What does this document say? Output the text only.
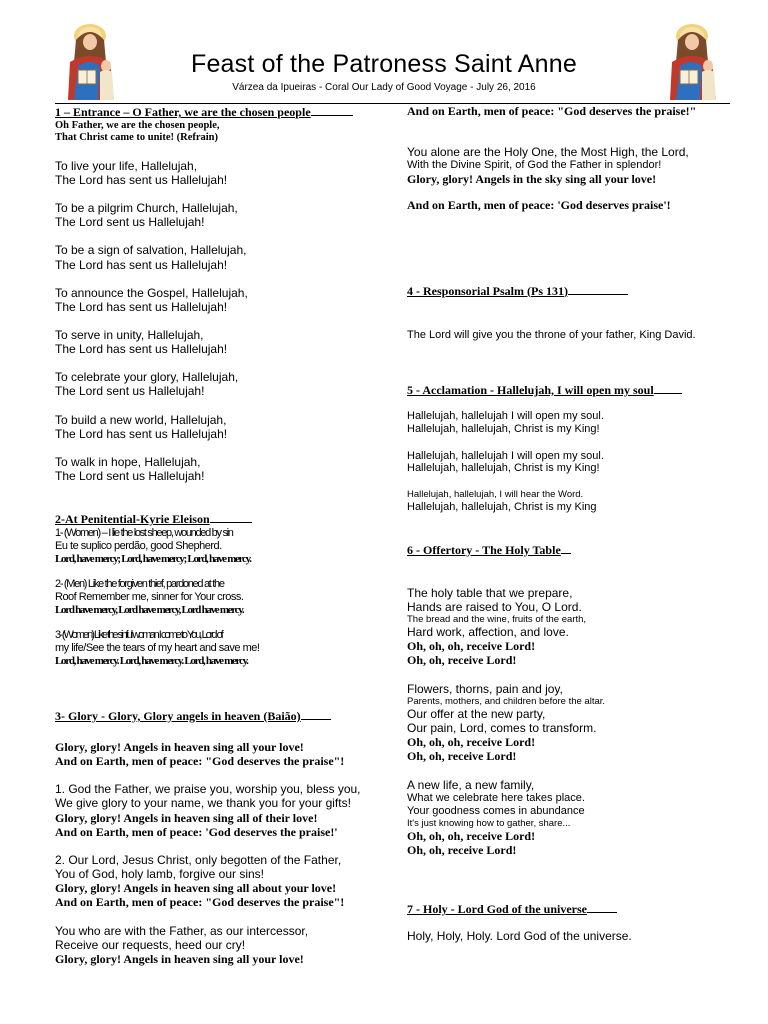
Feast of the Patroness Saint Anne
Várzea da Ipueiras - Coral Our Lady of Good Voyage - July 26, 2016
1 – Entrance – O Father, we are the chosen people
Oh Father, we are the chosen people,
That Christ came to unite! (Refrain)
To live your life, Hallelujah,
The Lord has sent us Hallelujah!
To be a pilgrim Church, Hallelujah,
The Lord sent us Hallelujah!
To be a sign of salvation, Hallelujah,
The Lord has sent us Hallelujah!
To announce the Gospel, Hallelujah,
The Lord has sent us Hallelujah!
To serve in unity, Hallelujah,
The Lord has sent us Hallelujah!
To celebrate your glory, Hallelujah,
The Lord sent us Hallelujah!
To build a new world, Hallelujah,
The Lord has sent us Hallelujah!
To walk in hope, Hallelujah,
The Lord sent us Hallelujah!
2-At Penitential-Kyrie Eleison
1- (Women) – I lie the lost sheep, wounded by sin
Eu te suplico perdão, good Shepherd.
Lord, have mercy; Lord, have mercy; Lord, have mercy.
2- (Men) Like the forgiven thief, pardoned at the
Roof Remember me, sinner for Your cross.
Lord have mercy, Lord have mercy, Lord have mercy.
3- (Women) Like the sinful woman I come to You, Lord of
my life/See the tears of my heart and save me!
Lord, have mercy. Lord, have mercy. Lord, have mercy.
3- Glory - Glory, Glory angels in heaven (Baião)
Glory, glory! Angels in heaven sing all your love!
And on Earth, men of peace: "God deserves the praise"!
1. God the Father, we praise you, worship you, bless you,
We give glory to your name, we thank you for your gifts!
Glory, glory! Angels in heaven sing all of their love!
And on Earth, men of peace: 'God deserves the praise!'
2. Our Lord, Jesus Christ, only begotten of the Father,
You of God, holy lamb, forgive our sins!
Glory, glory! Angels in heaven sing all about your love!
And on Earth, men of peace: "God deserves the praise"!
You who are with the Father, as our intercessor,
Receive our requests, heed our cry!
Glory, glory! Angels in heaven sing all your love!
And on Earth, men of peace: "God deserves the praise!"
You alone are the Holy One, the Most High, the Lord,
With the Divine Spirit, of God the Father in splendor!
Glory, glory! Angels in the sky sing all your love!
And on Earth, men of peace: 'God deserves praise'!
4 - Responsorial Psalm (Ps 131)
The Lord will give you the throne of your father, King David.
5 - Acclamation - Hallelujah, I will open my soul
Hallelujah, hallelujah I will open my soul.
Hallelujah, hallelujah, Christ is my King!
Hallelujah, hallelujah I will open my soul.
Hallelujah, hallelujah, Christ is my King!
Hallelujah, hallelujah, I will hear the Word.
Hallelujah, hallelujah, Christ is my King
6 - Offertory - The Holy Table
The holy table that we prepare,
Hands are raised to You, O Lord.
The bread and the wine, fruits of the earth,
Hard work, affection, and love.
Oh, oh, oh, receive Lord!
Oh, oh, receive Lord!
Flowers, thorns, pain and joy,
Parents, mothers, and children before the altar.
Our offer at the new party,
Our pain, Lord, comes to transform.
Oh, oh, oh, receive Lord!
Oh, oh, receive Lord!
A new life, a new family,
What we celebrate here takes place.
Your goodness comes in abundance
It's just knowing how to gather, share...
Oh, oh, oh, receive Lord!
Oh, oh, receive Lord!
7 - Holy - Lord God of the universe
Holy, Holy, Holy. Lord God of the universe.
